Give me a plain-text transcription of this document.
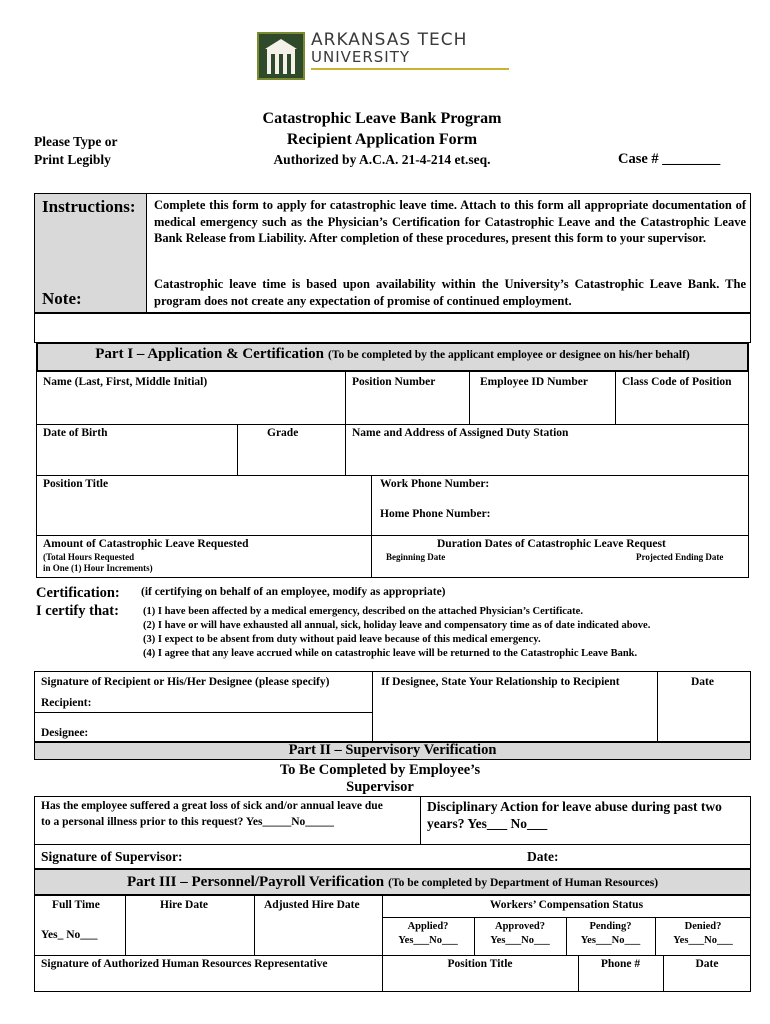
ARKANSAS TECH
UNIVERSITY
Catastrophic Leave Bank Program
Recipient Application Form
Authorized by A.C.A. 21-4-214 et.seq.
Please Type or
Print Legibly	Case # ________
Instructions:
Note:
Complete this form to apply for catastrophic leave time. Attach to this form all appropriate documentation of medical emergency such as the Physician’s Certification for Catastrophic Leave and the Catastrophic Leave Bank Release from Liability. After completion of these procedures, present this form to your supervisor.
Catastrophic leave time is based upon availability within the University’s Catastrophic Leave Bank. The program does not create any expectation of promise of continued employment.
Part I – Application & Certification (To be completed by the applicant employee or designee on his/her behalf)
Name (Last, First, Middle Initial)	Position Number	Employee ID Number	Class Code of Position
Date of Birth	Grade	Name and Address of Assigned Duty Station
Position Title	Work Phone Number:
Home Phone Number:
Amount of Catastrophic Leave Requested
(Total Hours Requested
in One (1) Hour Increments)
Duration Dates of Catastrophic Leave Request
Beginning Date	Projected Ending Date
Certification: (if certifying on behalf of an employee, modify as appropriate)
I certify that: (1) I have been affected by a medical emergency, described on the attached Physician’s Certificate.
(2) I have or will have exhausted all annual, sick, holiday leave and compensatory time as of date indicated above.
(3) I expect to be absent from duty without paid leave because of this medical emergency.
(4) I agree that any leave accrued while on catastrophic leave will be returned to the Catastrophic Leave Bank.
Signature of Recipient or His/Her Designee (please specify)	If Designee, State Your Relationship to Recipient	Date
Recipient:
Designee:
Part II – Supervisory Verification
To Be Completed by Employee’s
Supervisor
Has the employee suffered a great loss of sick and/or annual leave due
to a personal illness prior to this request? Yes_____No_____
Disciplinary Action for leave abuse during past two
years? Yes___ No___
Signature of Supervisor:	Date:
Part III – Personnel/Payroll Verification (To be completed by Department of Human Resources)
Full Time	Hire Date	Adjusted Hire Date	Workers’ Compensation Status
Yes_ No___
Applied?
Yes___No___
Approved?
Yes___No___
Pending?
Yes___No___
Denied?
Yes___No___
Signature of Authorized Human Resources Representative	Position Title	Phone #	Date
